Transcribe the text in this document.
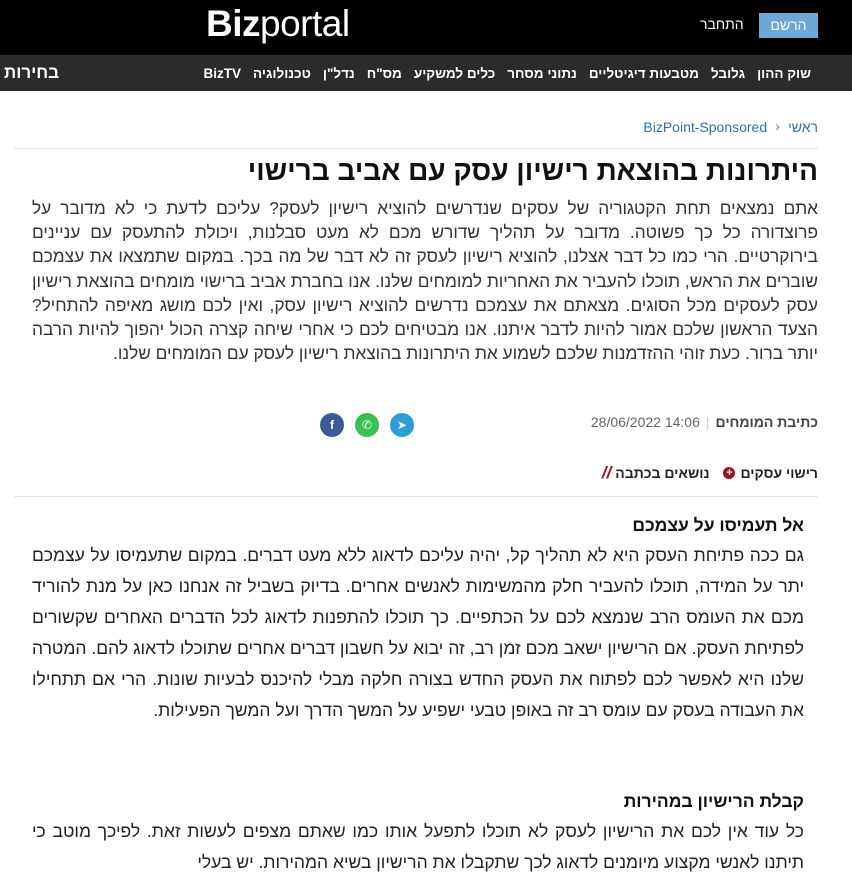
Bizportal	הרשם
התחבר
שוק ההון
גלובל
מטבעות דיגיטליים
נתוני מסחר
כלים למשקיע
מס"ח
נדל"ן
טכנולוגיה
BizTV
בחירות
ראשי
›
BizPoint-Sponsored
היתרונות בהוצאת רישיון עסק עם אביב ברישוי

אתם נמצאים תחת הקטגוריה של עסקים שנדרשים להוציא רישיון לעסק? עליכם לדעת כי לא מדובר על פרוצדורה כל כך פשוטה. מדובר על תהליך שדורש מכם לא מעט סבלנות, ויכולת להתעסק עם עניינים בירוקרטיים. הרי כמו כל דבר אצלנו, להוציא רישיון לעסק זה לא דבר של מה בכך. במקום שתמצאו את עצמכם שוברים את הראש, תוכלו להעביר את האחריות למומחים שלנו. אנו בחברת אביב ברישוי מומחים בהוצאת רישיון עסק לעסקים מכל הסוגים. מצאתם את עצמכם נדרשים להוציא רישיון עסק, ואין לכם מושג מאיפה להתחיל? הצעד הראשון שלכם אמור להיות לדבר איתנו. אנו מבטיחים לכם כי אחרי שיחה קצרה הכול יהפוך להיות הרבה יותר ברור. כעת זוהי ההזדמנות שלכם לשמוע את היתרונות בהוצאת רישיון לעסק עם המומחים שלנו.

כתיבת המומחים
|
28/06/2022 14:06
f	✆	➤
נושאים בכתבה
//	רישוי עסקים
+
אל תעמיסו על עצמכם

גם ככה פתיחת העסק היא לא תהליך קל, יהיה עליכם לדאוג ללא מעט דברים. במקום שתעמיסו על עצמכם יתר על המידה, תוכלו להעביר חלק מהמשימות לאנשים אחרים. בדיוק בשביל זה אנחנו כאן על מנת להוריד מכם את העומס הרב שנמצא לכם על הכתפיים. כך תוכלו להתפנות לדאוג לכל הדברים האחרים שקשורים לפתיחת העסק. אם הרישיון ישאב מכם זמן רב, זה יבוא על חשבון דברים אחרים שתוכלו לדאוג להם. המטרה שלנו היא לאפשר לכם לפתוח את העסק החדש בצורה חלקה מבלי להיכנס לבעיות שונות. הרי אם תתחילו את העבודה בעסק עם עומס רב זה באופן טבעי ישפיע על המשך הדרך ועל המשך הפעילות.

קבלת הרישיון במהירות

כל עוד אין לכם את הרישיון לעסק לא תוכלו לתפעל אותו כמו שאתם מצפים לעשות זאת. לפיכך מוטב כי תיתנו לאנשי מקצוע מיומנים לדאוג לכך שתקבלו את הרישיון בשיא המהירות. יש בעלי
